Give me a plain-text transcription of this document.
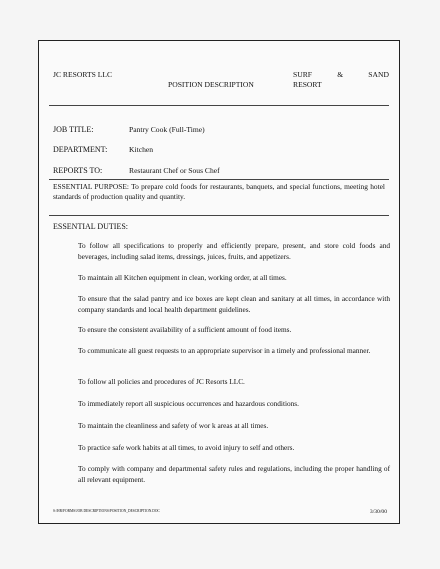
JC RESORTS LLC
POSITION DESCRIPTION
SURF	&	SAND
RESORT
JOB TITLE:	Pantry Cook (Full-Time)
DEPARTMENT:	Kitchen
REPORTS TO:	Restaurant Chef or Sous Chef
ESSENTIAL PURPOSE: To prepare cold foods for restaurants, banquets, and special functions, meeting hotel standards of production quality and quantity.
ESSENTIAL DUTIES:
To follow all specifications to properly and efficiently prepare, present, and store cold foods and beverages, including salad items, dressings, juices, fruits, and appetizers.
To maintain all Kitchen equipment in clean, working order, at all times.
To ensure that the salad pantry and ice boxes are kept clean and sanitary at all times, in accordance with company standards and local health department guidelines.
To ensure the consistent availability of a sufficient amount of food items.
To communicate all guest requests to an appropriate supervisor in a timely and professional manner.
To follow all policies and procedures of JC Resorts LLC.
To immediately report all suspicious occurrences and hazardous conditions.
To maintain the cleanliness and safety of wor k areas at all times.
To practice safe work habits at all times, to avoid injury to self and others.
To comply with company and departmental safety rules and regulations, including the proper handling of all relevant equipment.
S:\HR\FORMS\JOB DESCRIPTIONS\POSITION_DESCRIPTION.DOC	3/30/00
